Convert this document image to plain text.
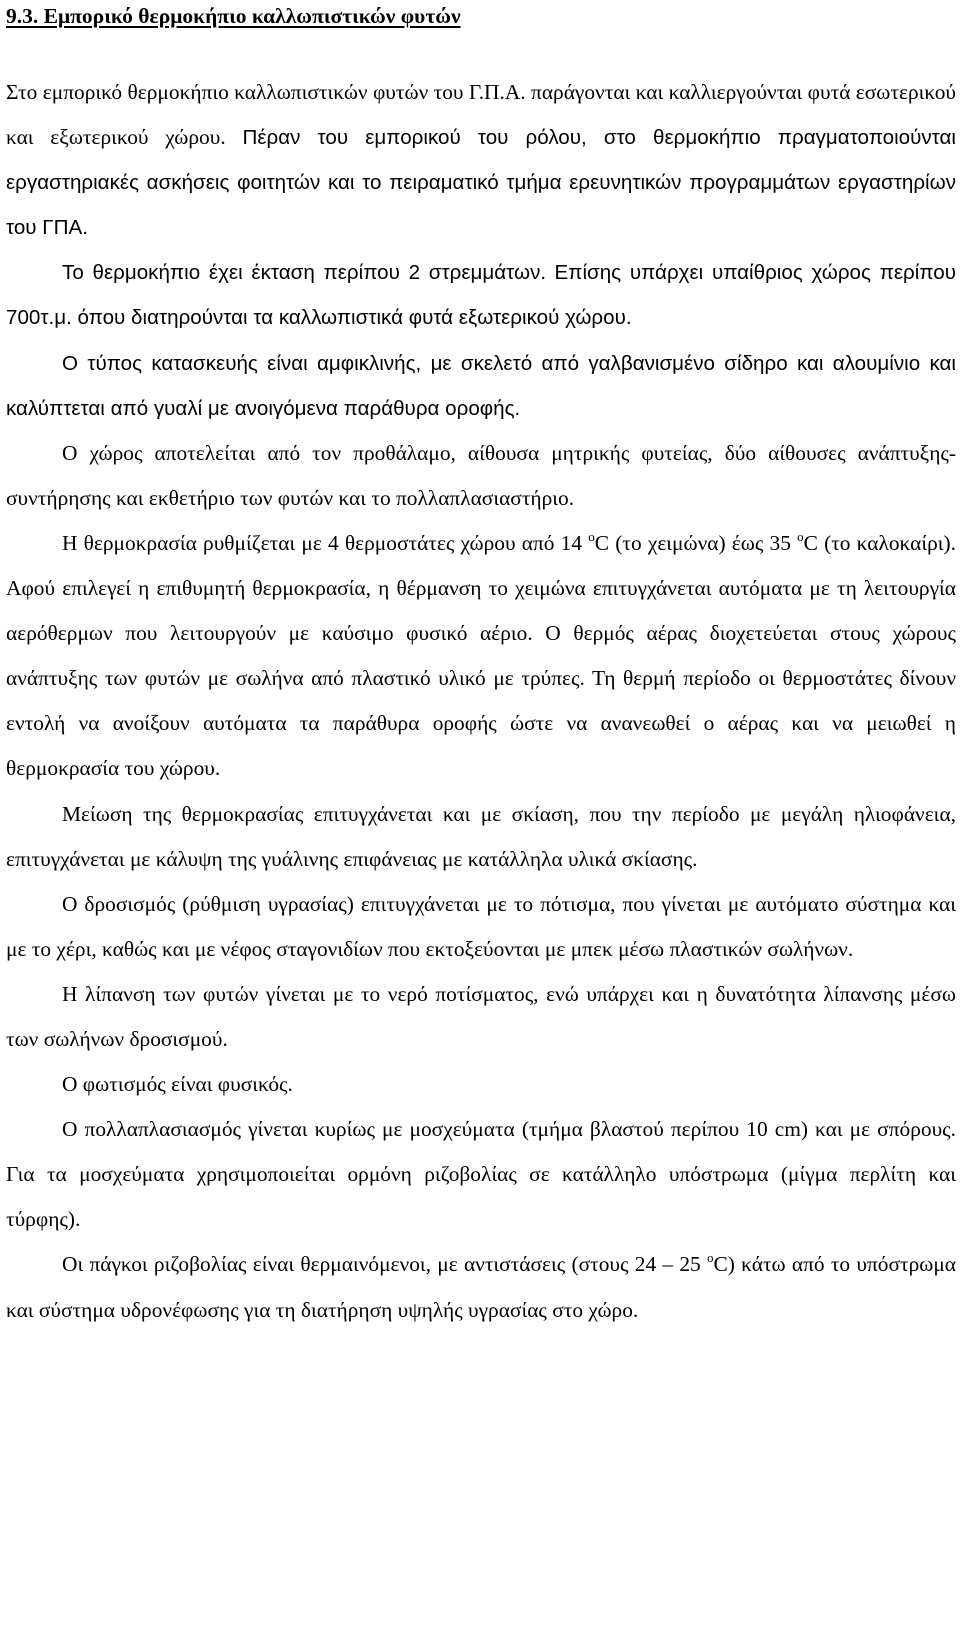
9.3. Εμπορικό θερμοκήπιο καλλωπιστικών φυτών

Στο εμπορικό θερμοκήπιο καλλωπιστικών φυτών του Γ.Π.Α. παράγονται και καλλιεργούνται φυτά εσωτερικού και εξωτερικού χώρου. Πέραν του εμπορικού του ρόλου, στο θερμοκήπιο πραγματοποιούνται εργαστηριακές ασκήσεις φοιτητών και το πειραματικό τμήμα ερευνητικών προγραμμάτων εργαστηρίων του ΓΠΑ.

Το θερμοκήπιο έχει έκταση περίπου 2 στρεμμάτων. Επίσης υπάρχει υπαίθριος χώρος περίπου 700τ.μ. όπου διατηρούνται τα καλλωπιστικά φυτά εξωτερικού χώρου.

Ο τύπος κατασκευής είναι αμφικλινής, με σκελετό από γαλβανισμένο σίδηρο και αλουμίνιο και καλύπτεται από γυαλί με ανοιγόμενα παράθυρα οροφής.

Ο χώρος αποτελείται από τον προθάλαμο, αίθουσα μητρικής φυτείας, δύο αίθουσες ανάπτυξης-συντήρησης και εκθετήριο των φυτών και το πολλαπλασιαστήριο.

Η θερμοκρασία ρυθμίζεται με 4 θερμοστάτες χώρου από 14 $^o$C (το χειμώνα) έως 35 $^o$C (το καλοκαίρι). Αφού επιλεγεί η επιθυμητή θερμοκρασία, η θέρμανση το χειμώνα επιτυγχάνεται αυτόματα με τη λειτουργία αερόθερμων που λειτουργούν με καύσιμο φυσικό αέριο. Ο θερμός αέρας διοχετεύεται στους χώρους ανάπτυξης των φυτών με σωλήνα από πλαστικό υλικό με τρύπες. Τη θερμή περίοδο οι θερμοστάτες δίνουν εντολή να ανοίξουν αυτόματα τα παράθυρα οροφής ώστε να ανανεωθεί ο αέρας και να μειωθεί η θερμοκρασία του χώρου.

Μείωση της θερμοκρασίας επιτυγχάνεται και με σκίαση, που την περίοδο με μεγάλη ηλιοφάνεια, επιτυγχάνεται με κάλυψη της γυάλινης επιφάνειας με κατάλληλα υλικά σκίασης.

Ο δροσισμός (ρύθμιση υγρασίας) επιτυγχάνεται με το πότισμα, που γίνεται με αυτόματο σύστημα και με το χέρι, καθώς και με νέφος σταγονιδίων που εκτοξεύονται με μπεκ μέσω πλαστικών σωλήνων.

Η λίπανση των φυτών γίνεται με το νερό ποτίσματος, ενώ υπάρχει και η δυνατότητα λίπανσης μέσω των σωλήνων δροσισμού.

Ο φωτισμός είναι φυσικός.

Ο πολλαπλασιασμός γίνεται κυρίως με μοσχεύματα (τμήμα βλαστού περίπου 10 cm) και με σπόρους. Για τα μοσχεύματα χρησιμοποιείται ορμόνη ριζοβολίας σε κατάλληλο υπόστρωμα (μίγμα περλίτη και τύρφης).

Οι πάγκοι ριζοβολίας είναι θερμαινόμενοι, με αντιστάσεις (στους 24 – 25 $^o$C) κάτω από το υπόστρωμα και σύστημα υδρονέφωσης για τη διατήρηση υψηλής υγρασίας στο χώρο.
